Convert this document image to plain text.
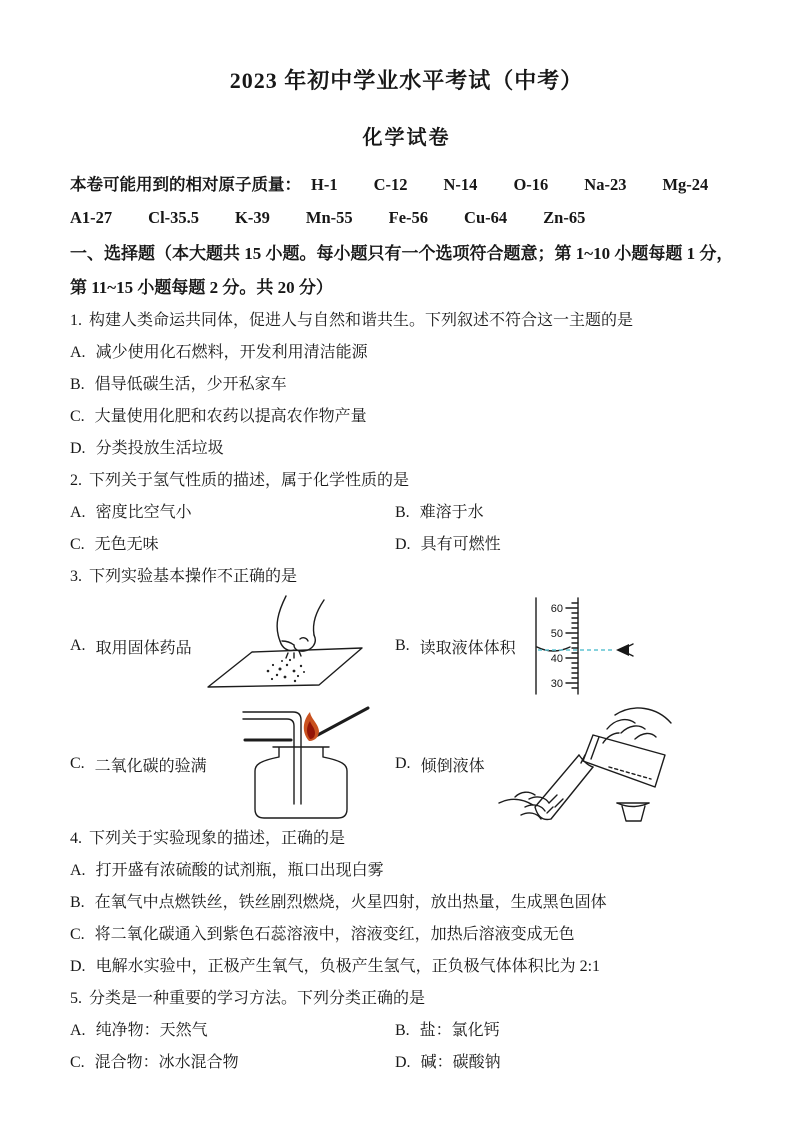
2023 年初中学业水平考试（中考）
化学试卷

本卷可能用到的相对原子质量： H-1 C-12 N-14 O-16 Na-23 Mg-24

A1-27 Cl-35.5 K-39 Mn-55 Fe-56 Cu-64 Zn-65

一、选择题（本大题共 15 小题。每小题只有一个选项符合题意；第 1~10 小题每题 1 分，第 11~15 小题每题 2 分。共 20 分）

1. 构建人类命运共同体，促进人与自然和谐共生。下列叙述不符合这一主题的是

A. 减少使用化石燃料，开发利用清洁能源

B. 倡导低碳生活，少开私家车

C. 大量使用化肥和农药以提高农作物产量

D. 分类投放生活垃圾

2. 下列关于氢气性质的描述，属于化学性质的是

A. 密度比空气小	B. 难溶于水
C. 无色无味	D. 具有可燃性

3. 下列实验基本操作不正确的是

A. 取用固体药品	B. 读取液体体积
60
50
40
30
C. 二氧化碳的验满	D. 倾倒液体

4. 下列关于实验现象的描述，正确的是

A. 打开盛有浓硫酸的试剂瓶，瓶口出现白雾

B. 在氧气中点燃铁丝，铁丝剧烈燃烧，火星四射，放出热量，生成黑色固体

C. 将二氧化碳通入到紫色石蕊溶液中，溶液变红，加热后溶液变成无色

D. 电解水实验中，正极产生氧气，负极产生氢气，正负极气体体积比为 2:1

5. 分类是一种重要的学习方法。下列分类正确的是

A. 纯净物：天然气	B. 盐：氯化钙
C. 混合物：冰水混合物	D. 碱：碳酸钠
